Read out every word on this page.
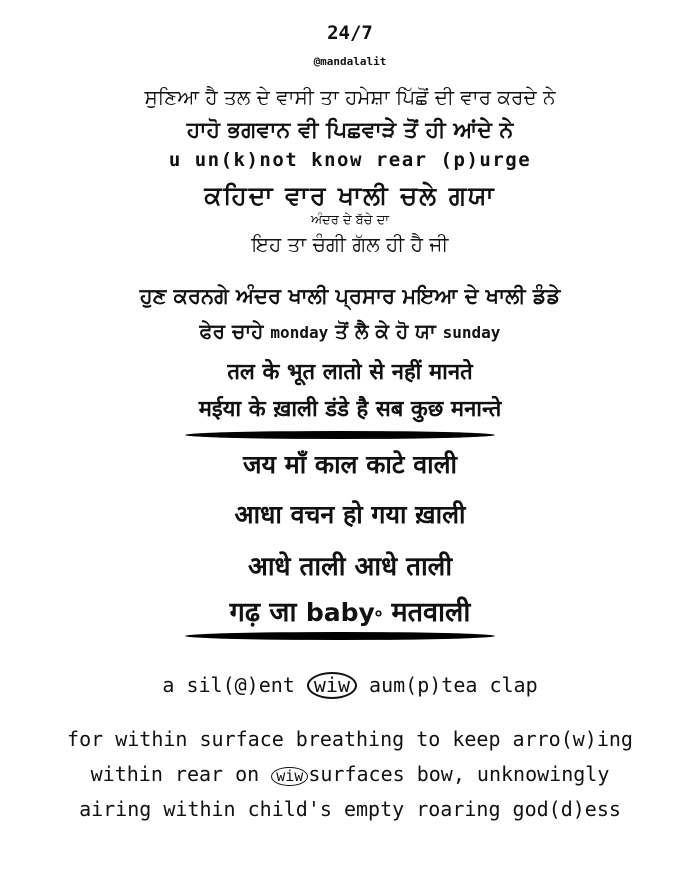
24/7
@mandalalit
ਸੁਣਿਆ ਹੈ ਤਲ ਦੇ ਵਾਸੀ ਤਾ ਹਮੇਸ਼ਾ ਪਿੱਛੋਂ ਦੀ ਵਾਰ ਕਰਦੇ ਨੇ
ਹਾਹੋ ਭਗਵਾਨ ਵੀ ਪਿਛਵਾੜੇ ਤੋਂ ਹੀ ਆਂਦੇ ਨੇ
u un(k)not know rear (p)urge
ਕਹਿਦਾ ਵਾਰ ਖਾਲੀ ਚਲੇ ਗਯਾ
ਅੰਦਰ ਦੇ ਬੱਚੇ ਦਾ
ਇਹ ਤਾ ਚੰਗੀ ਗੱਲ ਹੀ ਹੈ ਜੀ
ਹੁਣ ਕਰਨਗੇ ਅੰਦਰ ਖਾਲੀ ਪ੍ਰਸਾਰ ਮਇਆ ਦੇ ਖਾਲੀ ਡੰਡੇ
ਫੇਰ ਚਾਹੇ monday ਤੋਂ ਲੈ ਕੇ ਹੋ ਯਾ sunday
तल के भूत लातो से नहीं मानते
मईया के ख़ाली डंडे है सब कुछ मनान्ते
जय माँ काल काटे वाली
आधा वचन हो गया ख़ाली
आधे ताली आधे ताली
गढ़ जा baby० मतवाली
a sil(@)ent wiw aum(p)tea clap
for within surface breathing to keep arro(w)ing
within rear on wiw surfaces bow, unknowingly
airing within child's empty roaring god(d)ess
